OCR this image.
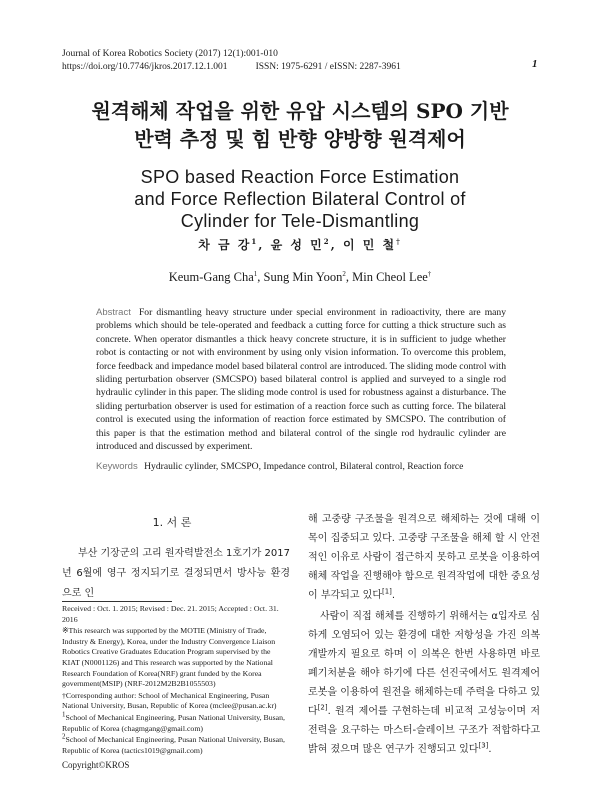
Journal of Korea Robotics Society (2017) 12(1):001-010
https://doi.org/10.7746/jkros.2017.12.1.001	ISSN: 1975-6291 / eISSN: 2287-3961	1
원격해체 작업을 위한 유압 시스템의 SPO 기반
반력 추정 및 힘 반향 양방향 원격제어
SPO based Reaction Force Estimation
and Force Reflection Bilateral Control of
Cylinder for Tele-Dismantling
차 금 강$^1$, 윤 성 민$^2$, 이 민 철†
Keum-Gang Cha$^1$, Sung Min Yoon$^2$, Min Cheol Lee†
Abstract For dismantling heavy structure under special environment in radioactivity, there are many problems which should be tele-operated and feedback a cutting force for cutting a thick structure such as concrete. When operator dismantles a thick heavy concrete structure, it is in sufficient to judge whether robot is contacting or not with environment by using only vision information. To overcome this problem, force feedback and impedance model based bilateral control are introduced. The sliding mode control with sliding perturbation observer (SMCSPO) based bilateral control is applied and surveyed to a single rod hydraulic cylinder in this paper. The sliding mode control is used for robustness against a disturbance. The sliding perturbation observer is used for estimation of a reaction force such as cutting force. The bilateral control is executed using the information of reaction force estimated by SMCSPO. The contribution of this paper is that the estimation method and bilateral control of the single rod hydraulic cylinder are introduced and discussed by experiment.
Keywords Hydraulic cylinder, SMCSPO, Impedance control, Bilateral control, Reaction force
1. 서 론
부산 기장군의 고리 원자력발전소 1호기가 2017년 6월에 영구 정지되기로 결정되면서 방사능 환경으로 인

해 고중량 구조물을 원격으로 해체하는 것에 대해 이목이 집중되고 있다. 고중량 구조물을 해체 할 시 안전적인 이유로 사람이 접근하지 못하고 로봇을 이용하여 해체 작업을 진행해야 함으로 원격작업에 대한 중요성이 부각되고 있다[1].

사람이 직접 해체를 진행하기 위해서는 α입자로 심하게 오염되어 있는 환경에 대한 저항성을 가진 의복 개발까지 필요로 하며 이 의복은 한번 사용하면 바로 폐기처분을 해야 하기에 다른 선진국에서도 원격제어 로봇을 이용하여 원전을 해체하는데 주력을 다하고 있다[2]. 원격 제어를 구현하는데 비교적 고성능이며 저전력을 요구하는 마스터-슬레이브 구조가 적합하다고 밝혀 졌으며 많은 연구가 진행되고 있다[3].

Received : Oct. 1. 2015; Revised : Dec. 21. 2015; Accepted : Oct. 31. 2016
※This research was supported by the MOTIE (Ministry of Trade, Industry & Energy), Korea, under the Industry Convergence Liaison Robotics Creative Graduates Education Program supervised by the KIAT (N0001126) and This research was supported by the National Research Foundation of Korea(NRF) grant funded by the Korea government(MSIP) (NRF-2012M2B2B1055503)
†Corresponding author: School of Mechanical Engineering, Pusan National University, Busan, Republic of Korea (mclee@pusan.ac.kr)
$^1$School of Mechanical Engineering, Pusan National University, Busan, Republic of Korea (chagmgang@gmail.com)
$^2$School of Mechanical Engineering, Pusan National University, Busan, Republic of Korea (tactics1019@gmail.com)
Copyright©KROS
